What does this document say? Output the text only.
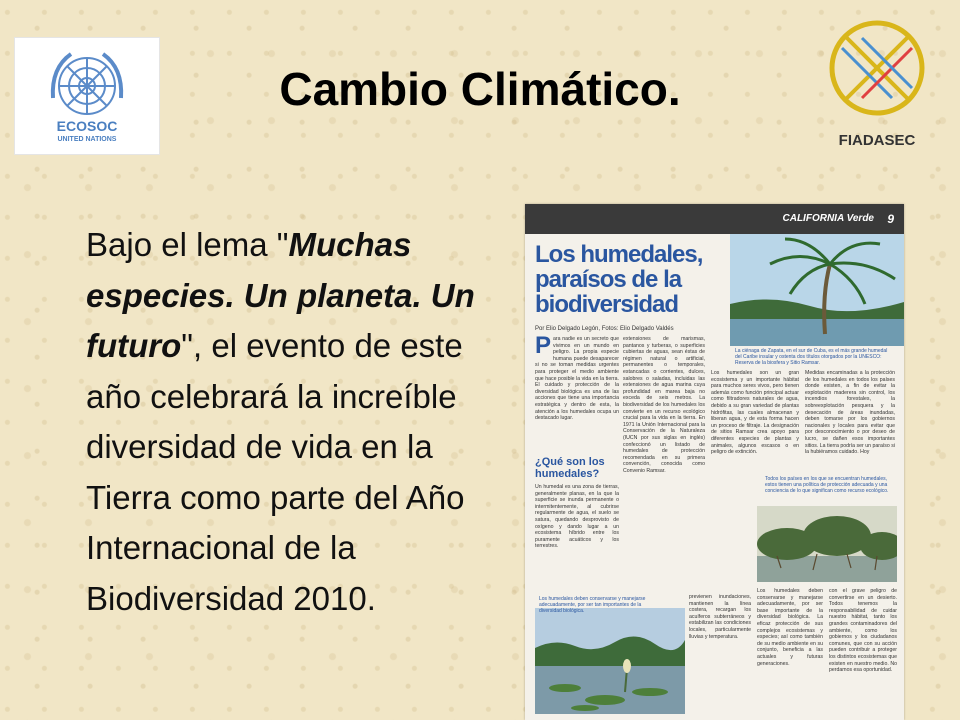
ECOSOC
UNITED NATIONS
Cambio Climático.
FIADASEC
Bajo el lema "Muchas especies. Un planeta. Un futuro", el evento de este año celebrará la increíble diversidad de vida en la Tierra como parte del Año Internacional de la Biodiversidad 2010.
CALIFORNIA Verde 9
Los humedales, paraísos de la biodiversidad
La ciénaga de Zapata, en el sur de Cuba, es el más grande humedal del Caribe insular y ostenta dos títulos otorgados por la UNESCO: Reserva de la biosfera y Sitio Ramsar.
Por Elio Delgado Legón, Fotos: Elio Delgado Valdés
Para nadie es un secreto que vivimos en un mundo en peligro. La propia especie humana puede desaparecer si no se toman medidas urgentes para proteger el medio ambiente que hace posible la vida en la tierra. El cuidado y protección de la diversidad biológica es una de las acciones que tiene una importancia estratégica y dentro de esta, la atención a los humedales ocupa un destacado lugar.
extensiones de marismas, pantanos y turberas, o superficies cubiertas de aguas, sean éstas de régimen natural o artificial, permanentes o temporales, estancadas o corrientes, dulces, salobres o saladas, incluidas las extensiones de agua marina cuya profundidad en marea baja no exceda de seis metros. La biodiversidad de los humedales los convierte en un recurso ecológico crucial para la vida en la tierra. En 1971 la Unión Internacional para la Conservación de la Naturaleza (IUCN por sus siglas en inglés) confeccionó un listado de humedales de protección recomendada en su primera convención, conocida como Convenio Ramsar.
Los humedales son un gran ecosistema y un importante hábitat para muchos seres vivos, pero tienen además como función principal actuar como filtradores naturales de agua, debido a su gran variedad de plantas hidrófitas, las cuales almacenan y liberan agua, y de esta forma hacen un proceso de filtraje. La designación de sitios Ramsar crea apoyo para diferentes especies de plantas y animales, algunos escasos o en peligro de extinción.
Medidas encaminadas a la protección de los humedales en todos los países donde existen, a fin de evitar la explotación maderera sin control, los incendios forestales, la sobreexplotación pesquera y la desecación de áreas inundadas, deben tomarse por los gobiernos nacionales y locales para evitar que por desconocimiento o por deseo de lucro, se dañen esos importantes sitios. La tierra podría ser un paraíso si la hubiéramos cuidado. Hoy
Todos los países en los que se encuentran humedales, estos tienen una política de protección adecuada y una conciencia de lo que significan como recurso ecológico.
¿Qué son los humedales?
Un humedal es una zona de tierras, generalmente planas, en la que la superficie se inunda permanente o intermitentemente, al cubrirse regularmente de agua, el suelo se satura, quedando desprovisto de oxígeno y dando lugar a un ecosistema híbrido entre los puramente acuáticos y los terrestres.
Los humedales deben conservarse y manejarse adecuadamente, por ser tan importantes de la diversidad biológica.
previenen inundaciones, mantienen la línea costera, recargan los acuíferos subterráneos y estabilizan las condiciones locales, particularmente lluvias y temperatura.
Los humedales deben conservarse y manejarse adecuadamente, por ser base importante de la diversidad biológica. La eficaz protección de sus complejos ecosistemas y especies; así como también de su medio ambiente en su conjunto, beneficia a las actuales y futuras generaciones.
con el grave peligro de convertirse en un desierto. Todos tenemos la responsabilidad de cuidar nuestro hábitat, tanto los grandes contaminadores del ambiente, como los gobiernos y los ciudadanos comunes, que con su acción pueden contribuir a proteger los distintos ecosistemas que existen en nuestro medio. No perdamos esa oportunidad.
